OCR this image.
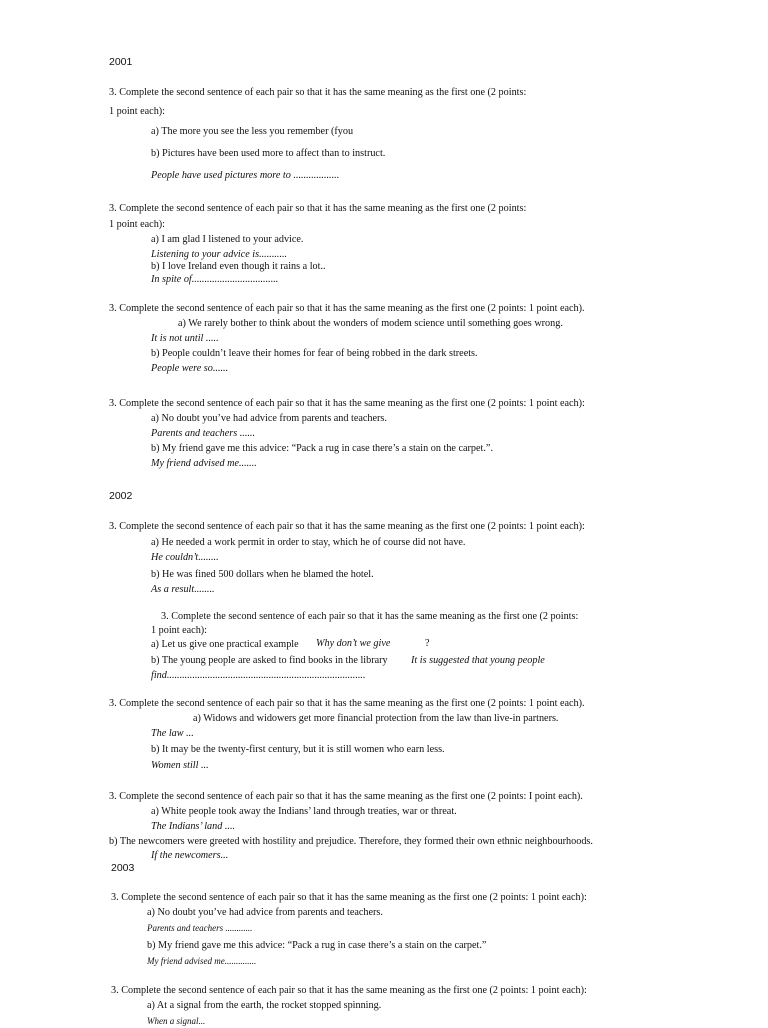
2001
3. Complete the second sentence of each pair so that it has the same meaning as the first one (2 points:
1 point each):
a) The more you see the less you remember (fyou
b) Pictures have been used more to affect than to instruct.
People have used pictures more to ..................
3. Complete the second sentence of each pair so that it has the same meaning as the first one (2 points:
1 point each):
a) I am glad I listened to your advice.
Listening to your advice is...........
b) I love Ireland even though it rains a lot..
In spite of..................................
3. Complete the second sentence of each pair so that it has the same meaning as the first one (2 points: 1 point each).
a) We rarely bother to think about the wonders of modem science until something goes wrong.
It is not until .....
b) People couldn’t leave their homes for fear of being robbed in the dark streets.
People were so......
3. Complete the second sentence of each pair so that it has the same meaning as the first one (2 points: 1 point each):
a) No doubt you’ve had advice from parents and teachers.
Parents and teachers ......
b) My friend gave me this advice: “Pack a rug in case there’s a stain on the carpet.”.
My friend advised me.......
2002
3. Complete the second sentence of each pair so that it has the same meaning as the first one (2 points: 1 point each):
a) He needed a work permit in order to stay, which he of course did not have.
He couldn’t........
b) He was fined 500 dollars when he blamed the hotel.
As a result........
3. Complete the second sentence of each pair so that it has the same meaning as the first one (2 points:
1 point each):
a) Let us give one practical example Why don’t we give	?
b) The young people are asked to find books in the library It is suggested that young people
find..............................................................................
3. Complete the second sentence of each pair so that it has the same meaning as the first one (2 points: 1 point each).
a) Widows and widowers get more financial protection from the law than live-in partners.
The law ...
b) It may be the twenty-first century, but it is still women who earn less.
Women still ...
3. Complete the second sentence of each pair so that it has the same meaning as the first one (2 points: I point each).
a) White people took away the Indians’ land through treaties, war or threat.
The Indians’ land ....
b) The newcomers were greeted with hostility and prejudice. Therefore, they formed their own ethnic neighbourhoods.
If the newcomers...
2003
3. Complete the second sentence of each pair so that it has the same meaning as the first one (2 points: 1 point each):
a) No doubt you’ve had advice from parents and teachers.
Parents and teachers ............
b) My friend gave me this advice: “Pack a rug in case there’s a stain on the carpet.”
My friend advised me..............
3. Complete the second sentence of each pair so that it has the same meaning as the first one (2 points: 1 point each):
a) At a signal from the earth, the rocket stopped spinning.
When a signal...
